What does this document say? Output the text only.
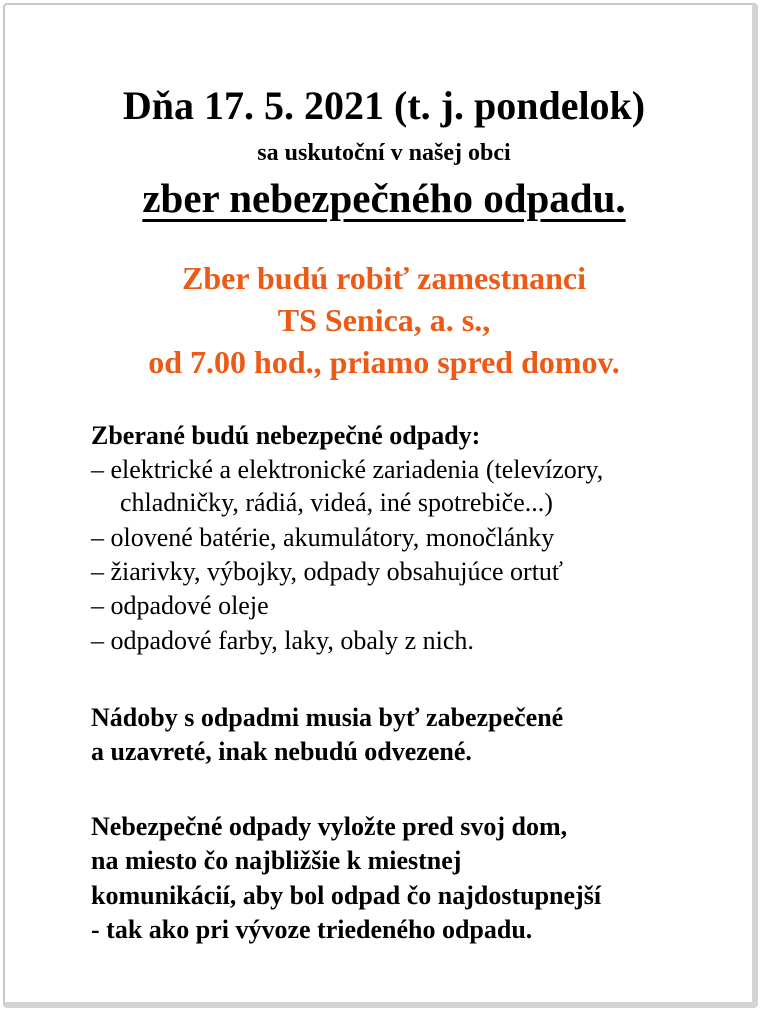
Dňa 17. 5. 2021 (t. j. pondelok)
sa uskutoční v našej obci
zber nebezpečného odpadu.
Zber budú robiť zamestnanci
TS Senica, a. s.,
od 7.00 hod., priamo spred domov.
Zberané budú nebezpečné odpady:
– elektrické a elektronické zariadenia (televízory,
chladničky, rádiá, videá, iné spotrebiče...)
– olovené batérie, akumulátory, monočlánky
– žiarivky, výbojky, odpady obsahujúce ortuť
– odpadové oleje
– odpadové farby, laky, obaly z nich.
Nádoby s odpadmi musia byť zabezpečené
a uzavreté, inak nebudú odvezené.
Nebezpečné odpady vyložte pred svoj dom,
na miesto čo najbližšie k miestnej
komunikácií, aby bol odpad čo najdostupnejší
- tak ako pri vývoze triedeného odpadu.
